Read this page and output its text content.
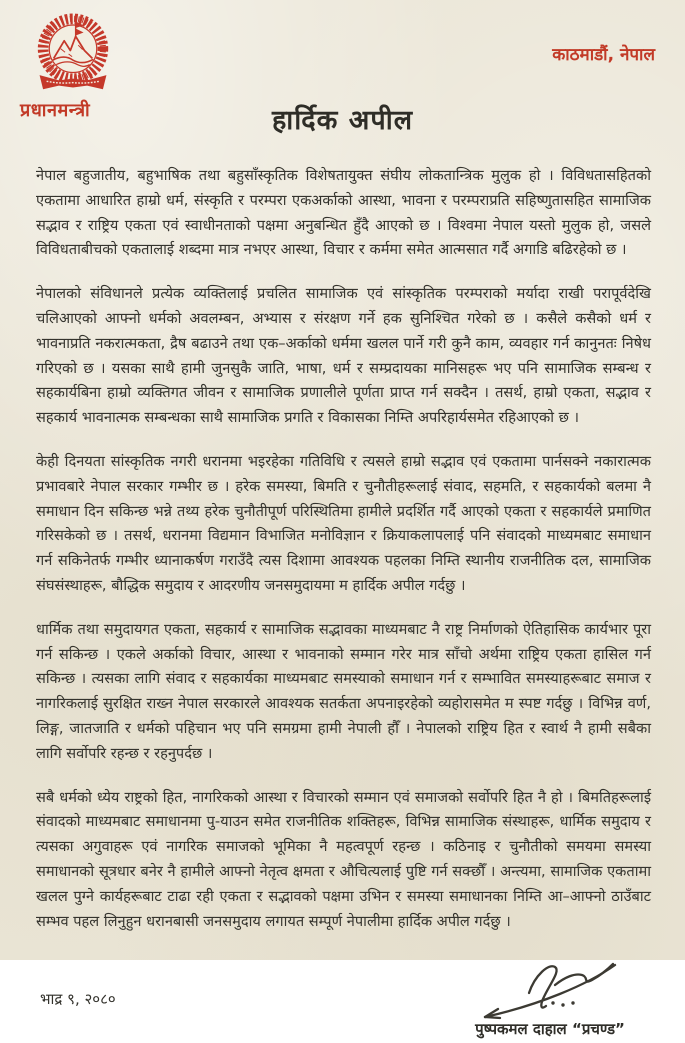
प्रधानमन्त्री
काठमाडौं, नेपाल
हार्दिक अपील

नेपाल बहुजातीय, बहुभाषिक तथा बहुसाँस्कृतिक विशेषतायुक्त संघीय लोकतान्त्रिक मुलुक हो । विविधतासहितको एकतामा आधारित हाम्रो धर्म, संस्कृति र परम्परा एकअर्काको आस्था, भावना र परम्पराप्रति सहिष्णुतासहित सामाजिक सद्भाव र राष्ट्रिय एकता एवं स्वाधीनताको पक्षमा अनुबन्धित हुँदै आएको छ । विश्वमा नेपाल यस्तो मुलुक हो, जसले विविधताबीचको एकतालाई शब्दमा मात्र नभएर आस्था, विचार र कर्ममा समेत आत्मसात गर्दै अगाडि बढिरहेको छ ।

नेपालको संविधानले प्रत्येक व्यक्तिलाई प्रचलित सामाजिक एवं सांस्कृतिक परम्पराको मर्यादा राखी परापूर्वदेखि चलिआएको आफ्नो धर्मको अवलम्बन, अभ्यास र संरक्षण गर्ने हक सुनिश्चित गरेको छ । कसैले कसैको धर्म र भावनाप्रति नकरात्मकता, द्रैष बढाउने तथा एक–अर्काको धर्ममा खलल पार्ने गरी कुनै काम, व्यवहार गर्न कानुनतः निषेध गरिएको छ । यसका साथै हामी जुनसुकै जाति, भाषा, धर्म र सम्प्रदायका मानिसहरू भए पनि सामाजिक सम्बन्ध र सहकार्यबिना हाम्रो व्यक्तिगत जीवन र सामाजिक प्रणालीले पूर्णता प्राप्त गर्न सक्दैन । तसर्थ, हाम्रो एकता, सद्भाव र सहकार्य भावनात्मक सम्बन्धका साथै सामाजिक प्रगति र विकासका निम्ति अपरिहार्यसमेत रहिआएको छ ।

केही दिनयता सांस्कृतिक नगरी धरानमा भइरहेका गतिविधि र त्यसले हाम्रो सद्भाव एवं एकतामा पार्नसक्ने नकारात्मक प्रभावबारे नेपाल सरकार गम्भीर छ । हरेक समस्या, बिमति र चुनौतीहरूलाई संवाद, सहमति, र सहकार्यको बलमा नै समाधान दिन सकिन्छ भन्ने तथ्य हरेक चुनौतीपूर्ण परिस्थितिमा हामीले प्रदर्शित गर्दै आएको एकता र सहकार्यले प्रमाणित गरिसकेको छ । तसर्थ, धरानमा विद्यमान विभाजित मनोविज्ञान र क्रियाकलापलाई पनि संवादको माध्यमबाट समाधान गर्न सकिनेतर्फ गम्भीर ध्यानाकर्षण गराउँदै त्यस दिशामा आवश्यक पहलका निम्ति स्थानीय राजनीतिक दल, सामाजिक संघसंस्थाहरू, बौद्धिक समुदाय र आदरणीय जनसमुदायमा म हार्दिक अपील गर्दछु ।

धार्मिक तथा समुदायगत एकता, सहकार्य र सामाजिक सद्भावका माध्यमबाट नै राष्ट्र निर्माणको ऐतिहासिक कार्यभार पूरा गर्न सकिन्छ । एकले अर्काको विचार, आस्था र भावनाको सम्मान गरेर मात्र साँचो अर्थमा राष्ट्रिय एकता हासिल गर्न सकिन्छ । त्यसका लागि संवाद र सहकार्यका माध्यमबाट समस्याको समाधान गर्न र सम्भावित समस्याहरूबाट समाज र नागरिकलाई सुरक्षित राख्न नेपाल सरकारले आवश्यक सतर्कता अपनाइरहेको व्यहोरासमेत म स्पष्ट गर्दछु । विभिन्न वर्ण, लिङ्ग, जातजाति र धर्मको पहिचान भए पनि समग्रमा हामी नेपाली हौँ । नेपालको राष्ट्रिय हित र स्वार्थ नै हामी सबैका लागि सर्वोपरि रहन्छ र रहनुपर्दछ ।

सबै धर्मको ध्येय राष्ट्रको हित, नागरिकको आस्था र विचारको सम्मान एवं समाजको सर्वोपरि हित नै हो । बिमतिहरूलाई संवादको माध्यमबाट समाधानमा पु-याउन समेत राजनीतिक शक्तिहरू, विभिन्न सामाजिक संस्थाहरू, धार्मिक समुदाय र त्यसका अगुवाहरू एवं नागरिक समाजको भूमिका नै महत्वपूर्ण रहन्छ । कठिनाइ र चुनौतीको समयमा समस्या समाधानको सूत्रधार बनेर नै हामीले आफ्नो नेतृत्व क्षमता र औचित्यलाई पुष्टि गर्न सक्छौँ । अन्त्यमा, सामाजिक एकतामा खलल पुग्ने कार्यहरूबाट टाढा रही एकता र सद्भावको पक्षमा उभिन र समस्या समाधानका निम्ति आ–आफ्नो ठाउँबाट सम्भव पहल लिनुहुन धरानबासी जनसमुदाय लगायत सम्पूर्ण नेपालीमा हार्दिक अपील गर्दछु ।

भाद्र ९, २०८०
पुष्पकमल दाहाल “प्रचण्ड”
